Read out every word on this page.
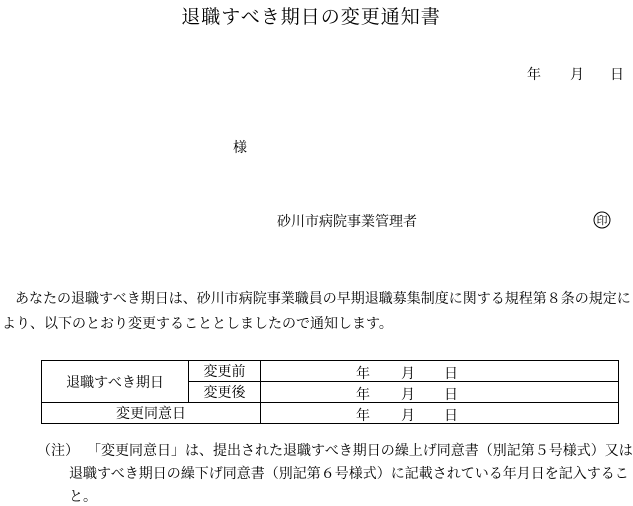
退職すべき期日の変更通知書
年 月 日
様
砂川市病院事業管理者	印
あなたの退職すべき期日は、砂川市病院事業職員の早期退職募集制度に関する規程第８条の規定に
より、以下のとおり変更することとしましたので通知します。
退職すべき期日	変更前	年 月 日

	変更後	年 月 日

変更同意日		年 月 日
（注） 「変更同意日」は、提出された退職すべき期日の繰上げ同意書（別記第５号様式）又は
退職すべき期日の繰下げ同意書（別記第６号様式）に記載されている年月日を記入するこ
と。
